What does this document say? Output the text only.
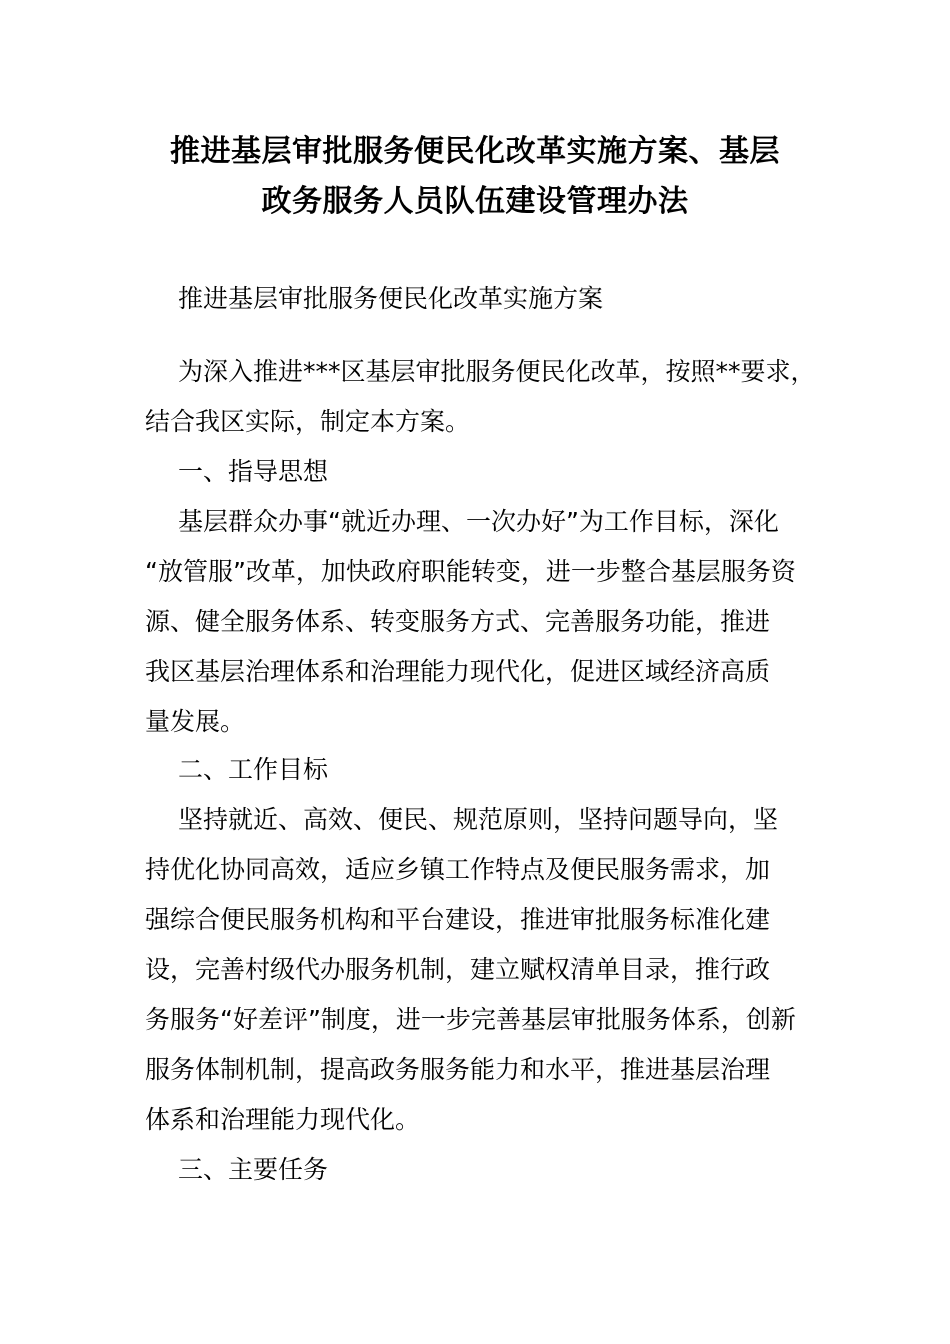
推进基层审批服务便民化改革实施方案、基层
政务服务人员队伍建设管理办法
推进基层审批服务便民化改革实施方案
为深入推进***区基层审批服务便民化改革，按照**要求，
结合我区实际，制定本方案。
一、指导思想
基层群众办事“就近办理、一次办好”为工作目标，深化
“放管服”改革，加快政府职能转变，进一步整合基层服务资
源、健全服务体系、转变服务方式、完善服务功能，推进
我区基层治理体系和治理能力现代化，促进区域经济高质
量发展。
二、工作目标
坚持就近、高效、便民、规范原则，坚持问题导向，坚
持优化协同高效，适应乡镇工作特点及便民服务需求，加
强综合便民服务机构和平台建设，推进审批服务标准化建
设，完善村级代办服务机制，建立赋权清单目录，推行政
务服务“好差评”制度，进一步完善基层审批服务体系，创新
服务体制机制，提高政务服务能力和水平，推进基层治理
体系和治理能力现代化。
三、主要任务
